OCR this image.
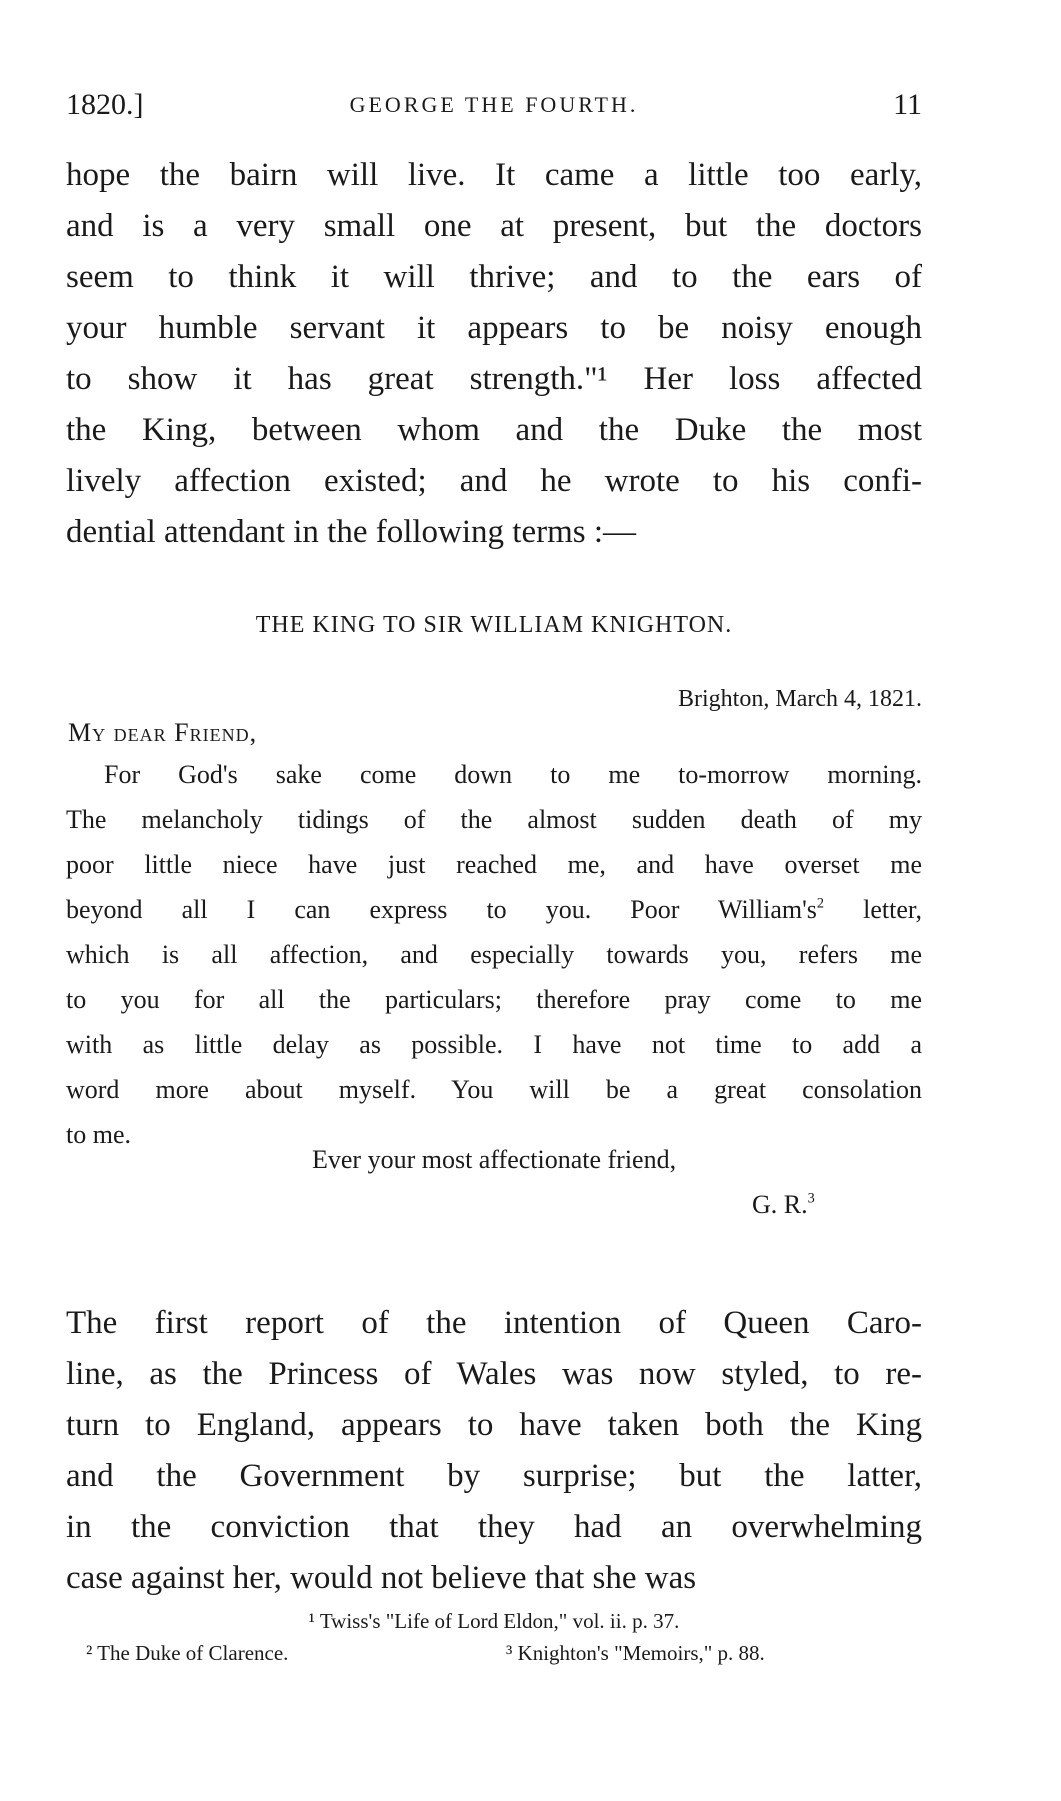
1820.]	GEORGE THE FOURTH.	11
hope the bairn will live. It came a little too early,
and is a very small one at present, but the doctors
seem to think it will thrive; and to the ears of
your humble servant it appears to be noisy enough
to show it has great strength."¹ Her loss affected
the King, between whom and the Duke the most
lively affection existed; and he wrote to his confi-
dential attendant in the following terms :—
THE KING TO SIR WILLIAM KNIGHTON.
Brighton, March 4, 1821.
My dear Friend,
For God's sake come down to me to-morrow morning.
The melancholy tidings of the almost sudden death of my
poor little niece have just reached me, and have overset me
beyond all I can express to you. Poor $William's^2$ letter,
which is all affection, and especially towards you, refers me
to you for all the particulars; therefore pray come to me
with as little delay as possible. I have not time to add a
word more about myself. You will be a great consolation
to me.
Ever your most affectionate friend,
G. R.$^3$
The first report of the intention of Queen Caro-
line, as the Princess of Wales was now styled, to re-
turn to England, appears to have taken both the King
and the Government by surprise; but the latter,
in the conviction that they had an overwhelming
case against her, would not believe that she was
¹ Twiss's "Life of Lord Eldon," vol. ii. p. 37.
² The Duke of Clarence.	³ Knighton's "Memoirs," p. 88.
